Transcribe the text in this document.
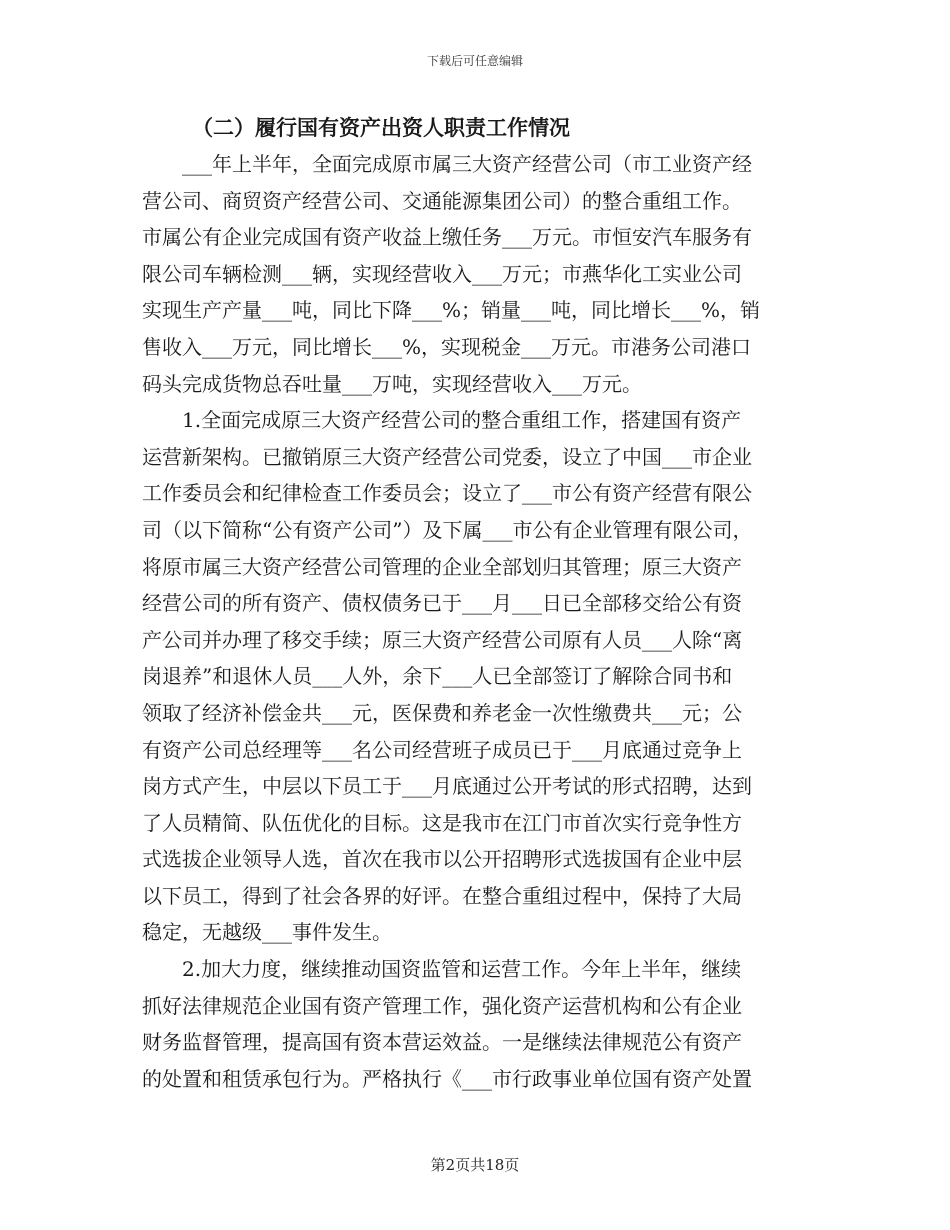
下载后可任意编辑
（二）履行国有资产出资人职责工作情况

___年上半年，全面完成原市属三大资产经营公司（市工业资产经
营公司、商贸资产经营公司、交通能源集团公司）的整合重组工作。
市属公有企业完成国有资产收益上缴任务___万元。市恒安汽车服务有
限公司车辆检测___辆，实现经营收入___万元；市燕华化工实业公司
实现生产产量___吨，同比下降___%；销量___吨，同比增长___%，销
售收入___万元，同比增长___%，实现税金___万元。市港务公司港口
码头完成货物总吞吐量___万吨，实现经营收入___万元。

1.全面完成原三大资产经营公司的整合重组工作，搭建国有资产
运营新架构。已撤销原三大资产经营公司党委，设立了中国___市企业
工作委员会和纪律检查工作委员会；设立了___市公有资产经营有限公
司（以下简称“公有资产公司”）及下属___市公有企业管理有限公司，
将原市属三大资产经营公司管理的企业全部划归其管理；原三大资产
经营公司的所有资产、债权债务已于___月___日已全部移交给公有资
产公司并办理了移交手续；原三大资产经营公司原有人员___人除“离
岗退养”和退休人员___人外，余下___人已全部签订了解除合同书和
领取了经济补偿金共___元，医保费和养老金一次性缴费共___元；公
有资产公司总经理等___名公司经营班子成员已于___月底通过竞争上
岗方式产生，中层以下员工于___月底通过公开考试的形式招聘，达到
了人员精简、队伍优化的目标。这是我市在江门市首次实行竞争性方
式选拔企业领导人选，首次在我市以公开招聘形式选拔国有企业中层
以下员工，得到了社会各界的好评。在整合重组过程中，保持了大局
稳定，无越级___事件发生。

2.加大力度，继续推动国资监管和运营工作。今年上半年，继续
抓好法律规范企业国有资产管理工作，强化资产运营机构和公有企业
财务监督管理，提高国有资本营运效益。一是继续法律规范公有资产
的处置和租赁承包行为。严格执行《___市行政事业单位国有资产处置

第2页共18页
